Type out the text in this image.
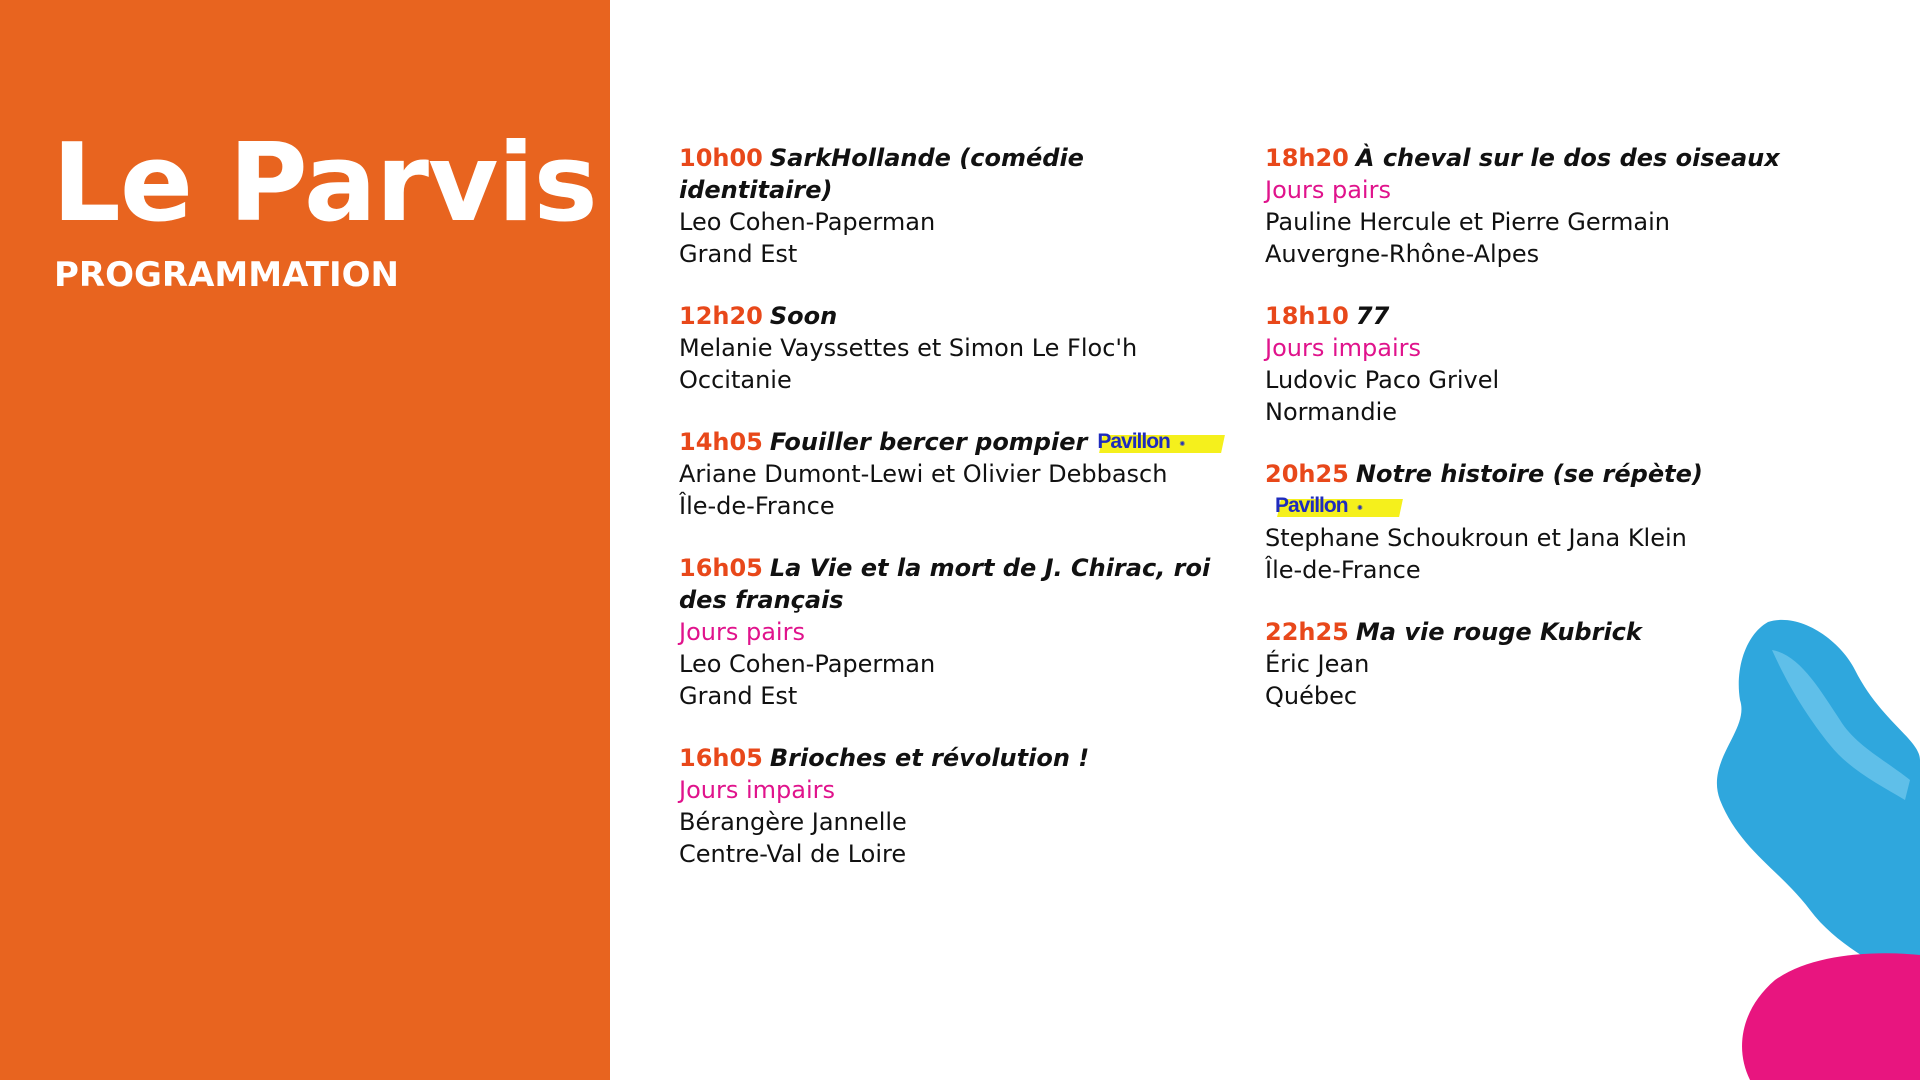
Le Parvis
PROGRAMMATION
10h00 SarkHollande (comédie identitaire)
Leo Cohen-Paperman
Grand Est
12h20 Soon
Melanie Vayssettes et Simon Le Floc'h
Occitanie
14h05 Fouiller bercer pompier Pavillon ✺
Ariane Dumont-Lewi et Olivier Debbasch
Île-de-France
16h05 La Vie et la mort de J. Chirac, roi des français
Jours pairs
Leo Cohen-Paperman
Grand Est
16h05 Brioches et révolution !
Jours impairs
Bérangère Jannelle
Centre-Val de Loire
18h20 À cheval sur le dos des oiseaux
Jours pairs
Pauline Hercule et Pierre Germain
Auvergne-Rhône-Alpes
18h10 77
Jours impairs
Ludovic Paco Grivel
Normandie
20h25 Notre histoire (se répète)
Pavillon ✺
Stephane Schoukroun et Jana Klein
Île-de-France
22h25 Ma vie rouge Kubrick
Éric Jean
Québec
